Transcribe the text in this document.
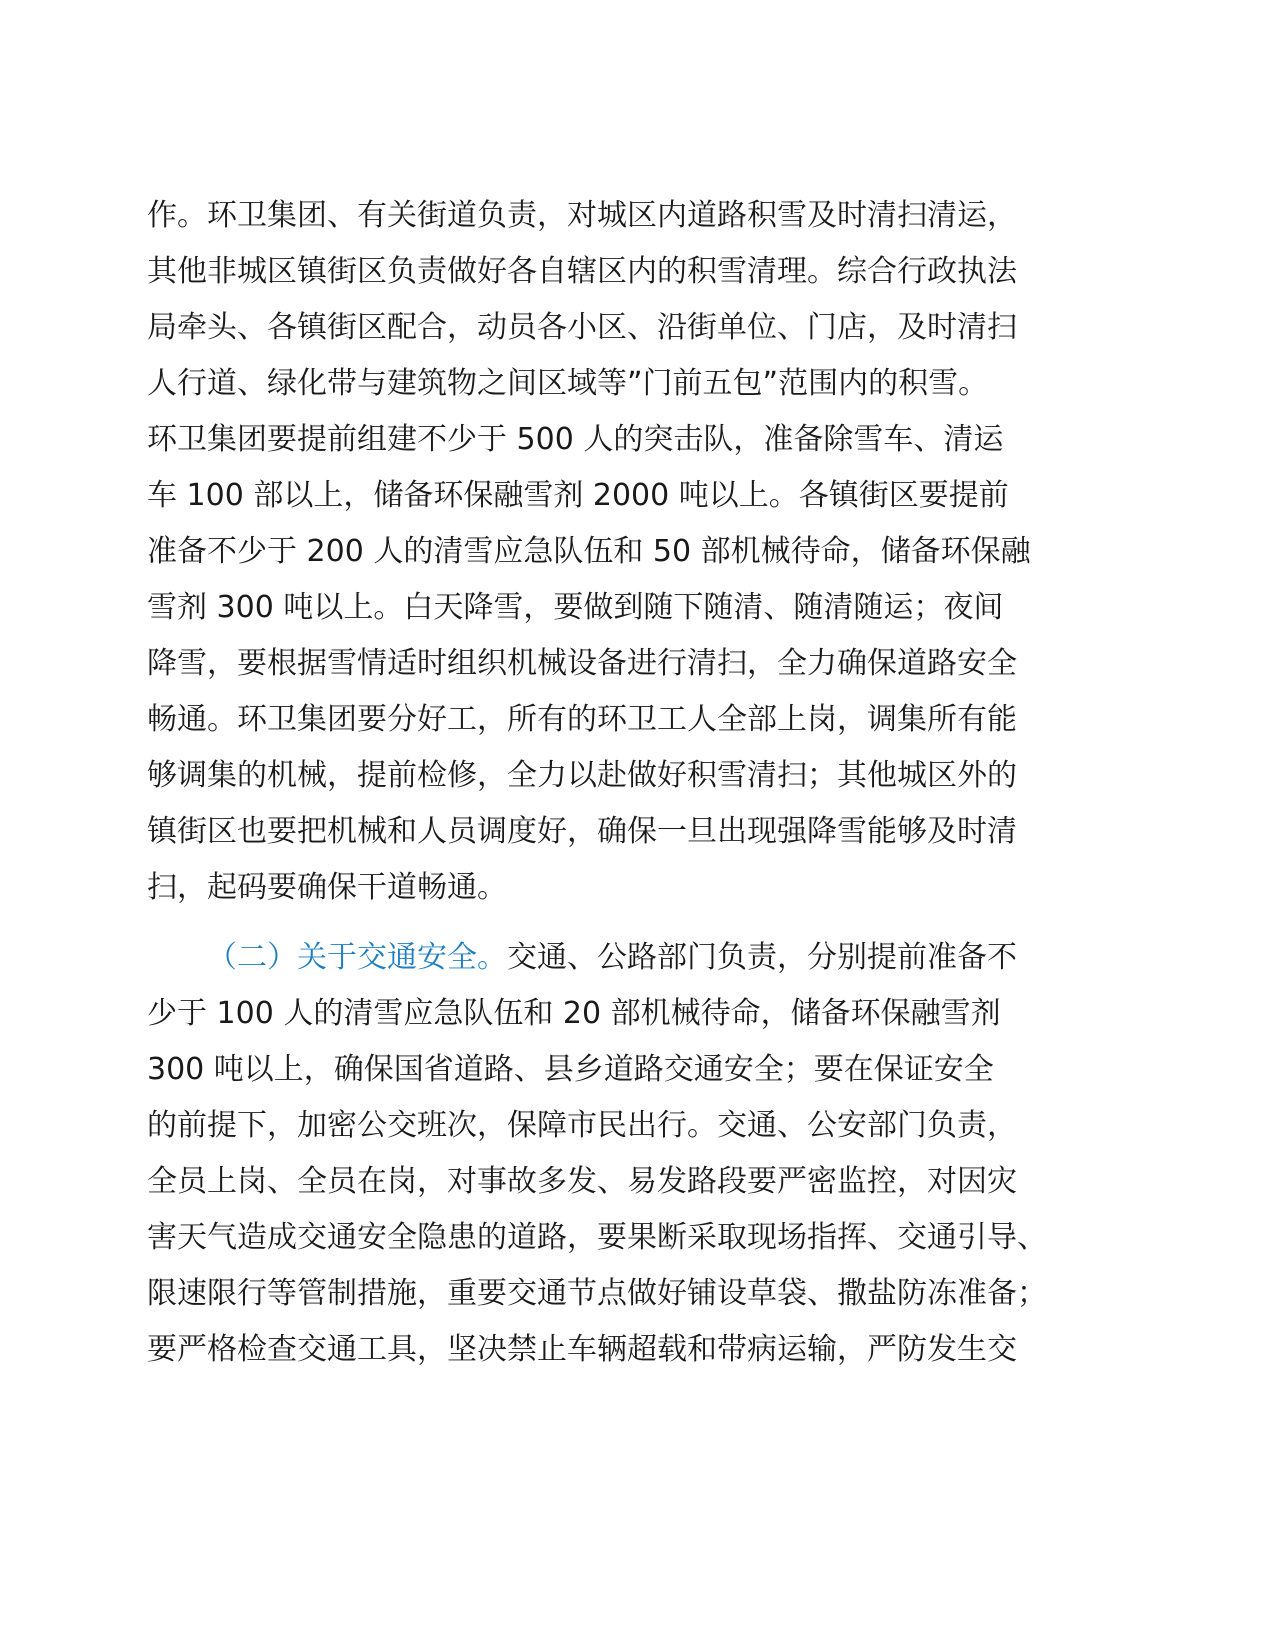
作。环卫集团、有关街道负责，对城区内道路积雪及时清扫清运，
其他非城区镇街区负责做好各自辖区内的积雪清理。综合行政执法
局牵头、各镇街区配合，动员各小区、沿街单位、门店，及时清扫
人行道、绿化带与建筑物之间区域等”门前五包”范围内的积雪。
环卫集团要提前组建不少于 500 人的突击队，准备除雪车、清运
车 100 部以上，储备环保融雪剂 2000 吨以上。各镇街区要提前
准备不少于 200 人的清雪应急队伍和 50 部机械待命，储备环保融
雪剂 300 吨以上。白天降雪，要做到随下随清、随清随运；夜间
降雪，要根据雪情适时组织机械设备进行清扫，全力确保道路安全
畅通。环卫集团要分好工，所有的环卫工人全部上岗，调集所有能
够调集的机械，提前检修，全力以赴做好积雪清扫；其他城区外的
镇街区也要把机械和人员调度好，确保一旦出现强降雪能够及时清
扫，起码要确保干道畅通。
（二）关于交通安全。交通、公路部门负责，分别提前准备不
少于 100 人的清雪应急队伍和 20 部机械待命，储备环保融雪剂
300 吨以上，确保国省道路、县乡道路交通安全；要在保证安全
的前提下，加密公交班次，保障市民出行。交通、公安部门负责，
全员上岗、全员在岗，对事故多发、易发路段要严密监控，对因灾
害天气造成交通安全隐患的道路，要果断采取现场指挥、交通引导、
限速限行等管制措施，重要交通节点做好铺设草袋、撒盐防冻准备；
要严格检查交通工具，坚决禁止车辆超载和带病运输，严防发生交
